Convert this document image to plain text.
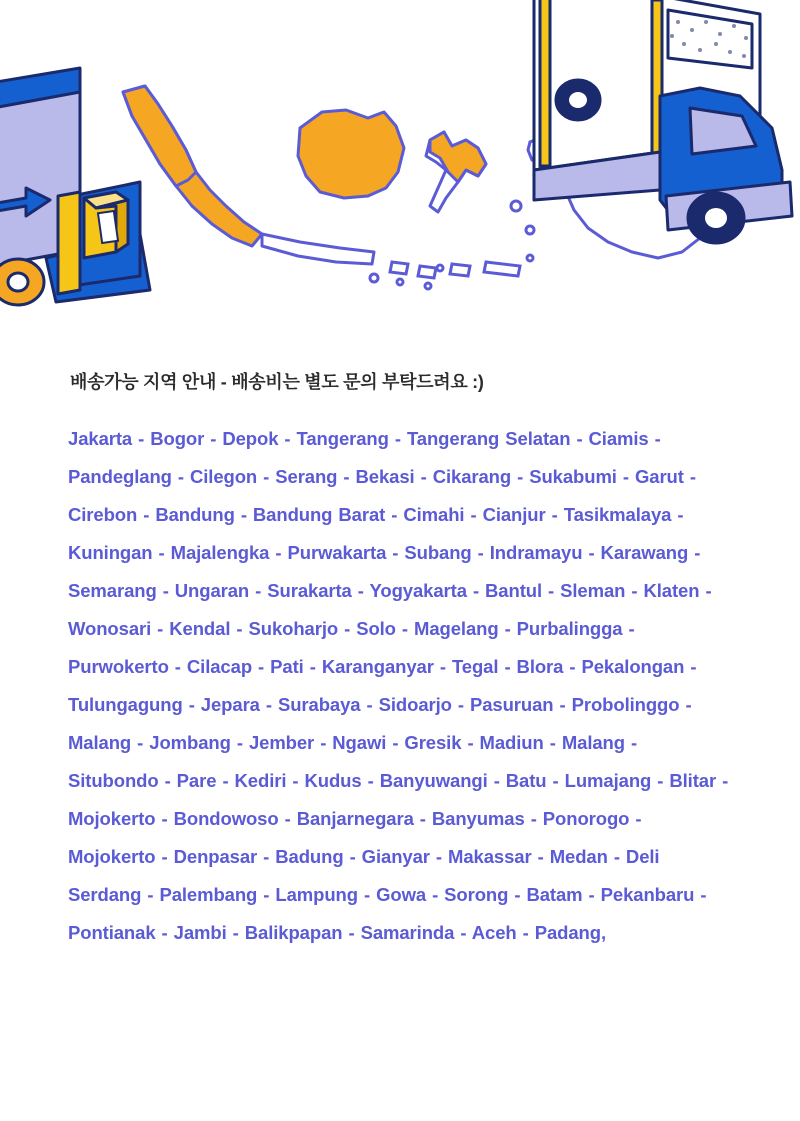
배송가능 지역 안내 - 배송비는 별도 문의 부탁드려요 :)
Jakarta - Bogor - Depok - Tangerang - Tangerang Selatan - Ciamis - Pandeglang - Cilegon - Serang - Bekasi - Cikarang - Sukabumi - Garut - Cirebon - Bandung - Bandung Barat - Cimahi - Cianjur - Tasikmalaya - Kuningan - Majalengka - Purwakarta - Subang - Indramayu - Karawang - Semarang - Ungaran - Surakarta - Yogyakarta - Bantul - Sleman - Klaten - Wonosari - Kendal - Sukoharjo - Solo - Magelang - Purbalingga - Purwokerto - Cilacap - Pati - Karanganyar - Tegal - Blora - Pekalongan - Tulungagung - Jepara - Surabaya - Sidoarjo - Pasuruan - Probolinggo - Malang - Jombang - Jember - Ngawi - Gresik - Madiun - Malang - Situbondo - Pare - Kediri - Kudus - Banyuwangi - Batu - Lumajang - Blitar - Mojokerto - Bondowoso - Banjarnegara - Banyumas - Ponorogo - Mojokerto - Denpasar - Badung - Gianyar - Makassar - Medan - Deli Serdang - Palembang - Lampung - Gowa - Sorong - Batam - Pekanbaru - Pontianak - Jambi - Balikpapan - Samarinda - Aceh - Padang,
